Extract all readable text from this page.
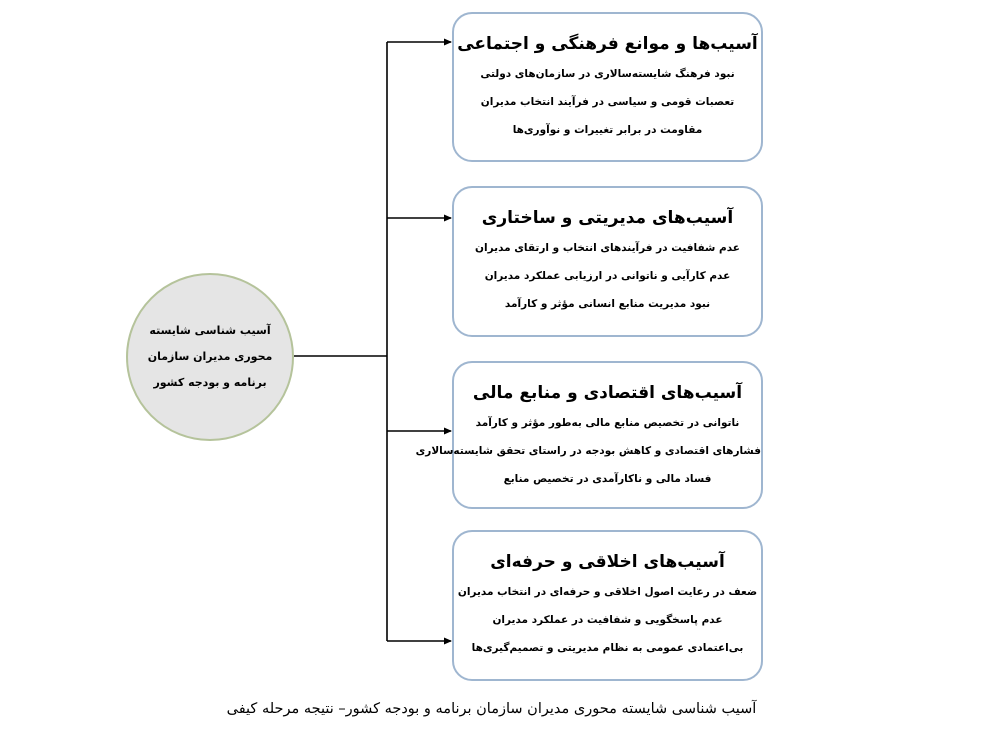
آسیب شناسی شایسته
محوری مدیران سازمان
برنامه و بودجه کشور
آسیب‌ها و موانع فرهنگی و اجتماعی
نبود فرهنگ شایسته‌سالاری در سازمان‌های دولتی
تعصبات قومی و سیاسی در فرآیند انتخاب مدیران
مقاومت در برابر تغییرات و نوآوری‌ها
آسیب‌های مدیریتی و ساختاری
عدم شفافیت در فرآیندهای انتخاب و ارتقای مدیران
عدم کارآیی و ناتوانی در ارزیابی عملکرد مدیران
نبود مدیریت منابع انسانی مؤثر و کارآمد
آسیب‌های اقتصادی و منابع مالی
ناتوانی در تخصیص منابع مالی به‌طور مؤثر و کارآمد
فشارهای اقتصادی و کاهش بودجه در راستای تحقق شایسته‌سالاری
فساد مالی و ناکارآمدی در تخصیص منابع
آسیب‌های اخلاقی و حرفه‌ای
ضعف در رعایت اصول اخلاقی و حرفه‌ای در انتخاب مدیران
عدم پاسخگویی و شفافیت در عملکرد مدیران
بی‌اعتمادی عمومی به نظام مدیریتی و تصمیم‌گیری‌ها
آسیب شناسی شایسته محوری مدیران سازمان برنامه و بودجه کشور– نتیجه مرحله کیفی
